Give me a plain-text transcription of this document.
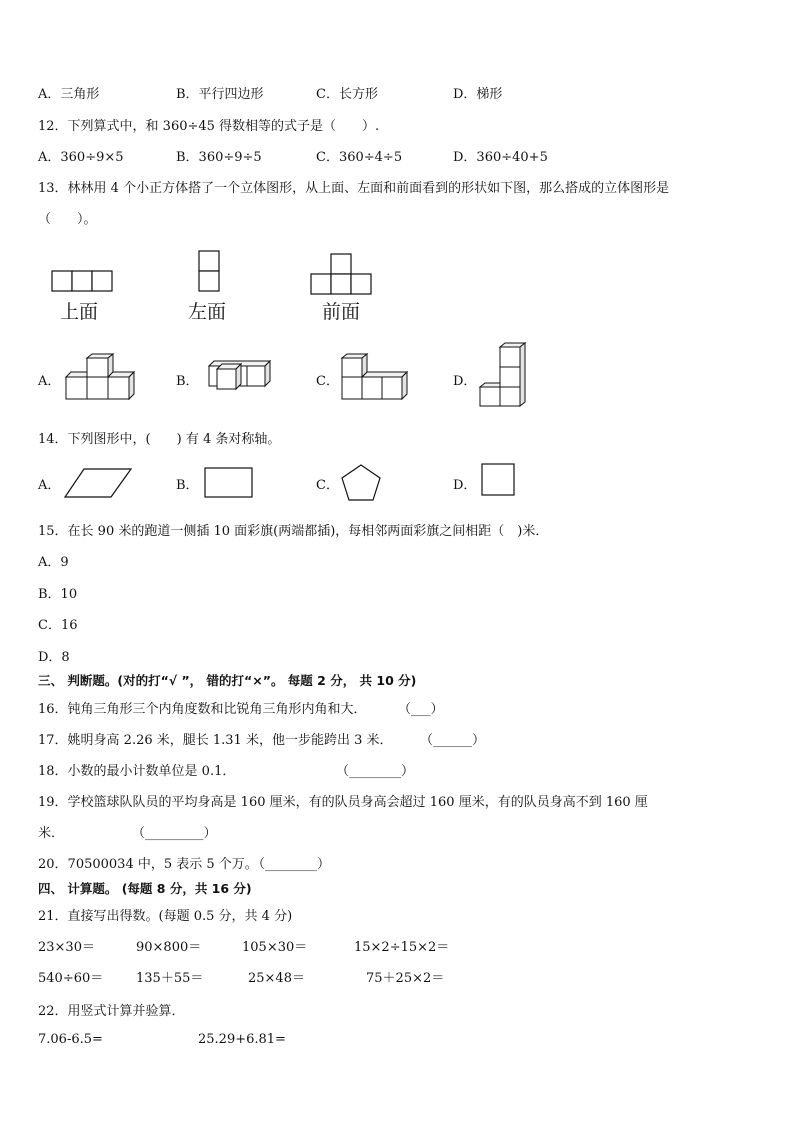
A．三角形	B．平行四边形	C．长方形	D．梯形
12．下列算式中，和 360÷45 得数相等的式子是（　　）.
A．360÷9×5	B．360÷9÷5	C．360÷4÷5	D．360÷40+5
13．林林用 4 个小正方体搭了一个立体图形，从上面、左面和前面看到的形状如下图，那么搭成的立体图形是
（　　）。
上面	左面	前面
A．	B．	C．	D．
14．下列图形中，(　　) 有 4 条对称轴。
A．	B．	C．	D．
15．在长 90 米的跑道一侧插 10 面彩旗(两端都插)，每相邻两面彩旗之间相距（　)米．
A．9
B．10
C．16
D．8
三、 判断题。(对的打“√ ”， 错的打“×”。 每题 2 分， 共 10 分)
16．钝角三角形三个内角度数和比锐角三角形内角和大． （___）
17．姚明身高 2.26 米，腿长 1.31 米，他一步能跨出 3 米． （______）
18．小数的最小计数单位是 0.1．	（________）
19．学校篮球队队员的平均身高是 160 厘米，有的队员身高会超过 160 厘米，有的队员身高不到 160 厘
米．	（_________）
20．70500034 中，5 表示 5 个万。
（________）
四、 计算题。 (每题 8 分，共 16 分)
21．直接写出得数。(每题 0.5 分，共 4 分)
23×30＝	90×800＝	105×30＝	15×2÷15×2＝
540÷60＝	135＋55＝	25×48＝	75＋25×2＝
22．用竖式计算并验算．
7.06-6.5=	25.29+6.81=
